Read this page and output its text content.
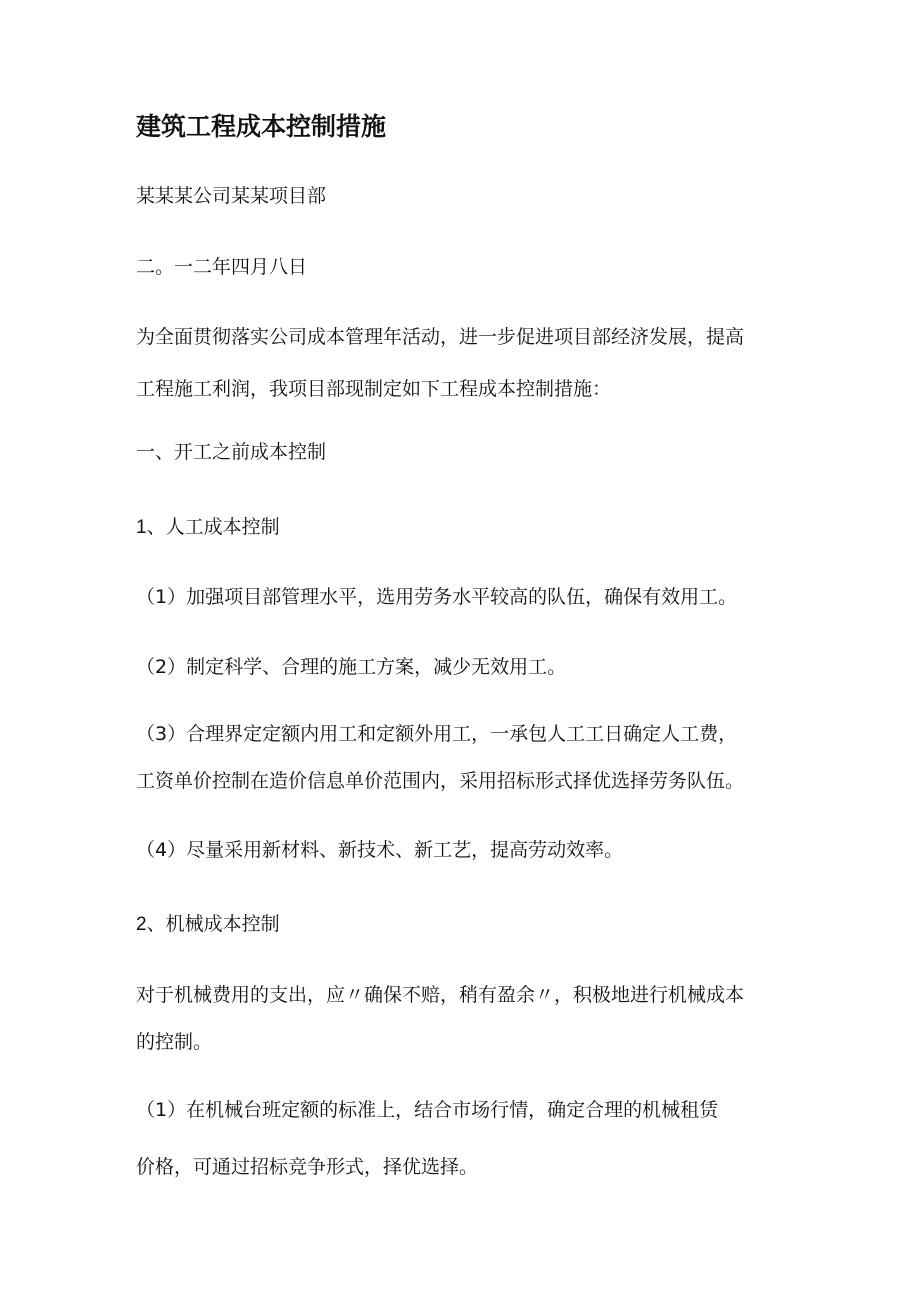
建筑工程成本控制措施

某某某公司某某项目部

二。一二年四月八日

为全面贯彻落实公司成本管理年活动，进一步促进项目部经济发展，提高

工程施工利润，我项目部现制定如下工程成本控制措施：

一、开工之前成本控制

1、人工成本控制

（1）加强项目部管理水平，选用劳务水平较高的队伍，确保有效用工。

（2）制定科学、合理的施工方案，减少无效用工。

（3）合理界定定额内用工和定额外用工，一承包人工工日确定人工费，

工资单价控制在造价信息单价范围内，采用招标形式择优选择劳务队伍。

（4）尽量采用新材料、新技术、新工艺，提高劳动效率。

2、机械成本控制

对于机械费用的支出，应〃确保不赔，稍有盈余〃，积极地进行机械成本

的控制。

（1）在机械台班定额的标准上，结合市场行情，确定合理的机械租赁

价格，可通过招标竞争形式，择优选择。
